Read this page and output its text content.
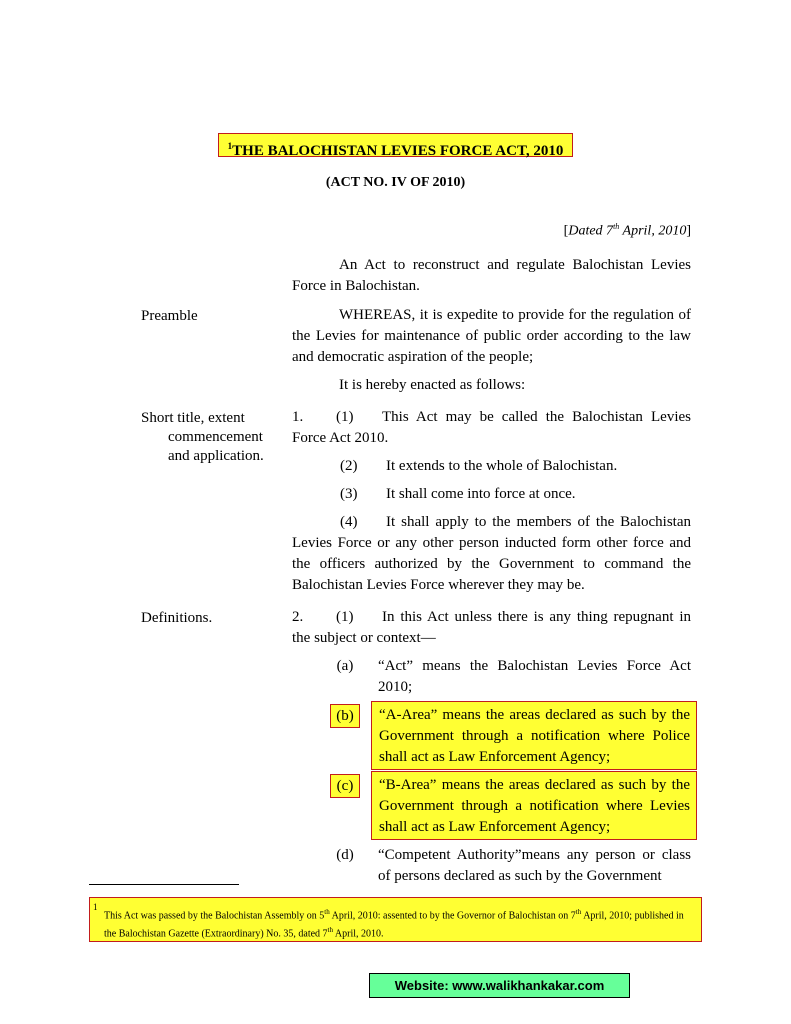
$^1$THE BALOCHISTAN LEVIES FORCE ACT, 2010
(ACT NO. IV OF 2010)
[Dated 7th April, 2010]

An Act to reconstruct and regulate Balochistan Levies Force in Balochistan.

Preamble	WHEREAS, it is expedite to provide for the regulation of the Levies for maintenance of public order according to the law and democratic aspiration of the people;

It is hereby enacted as follows:

Short title, extent
commencement
and application.
1.	(1)	This Act may be called the Balochistan Levies
Force Act 2010.
(2) It extends to the whole of Balochistan.
(3) It shall come into force at once.
(4)	It shall apply to the members of the Balochistan
Levies Force or any other person inducted form other force and the officers authorized by the Government to command the Balochistan Levies Force wherever they may be.
Definitions.	2.	(1)	In this Act unless there is any thing repugnant in
the subject or context—
(a)	“Act” means the Balochistan Levies Force Act 2010;
(b)	“A-Area” means the areas declared as such by the Government through a notification where Police shall act as Law Enforcement Agency;
(c)	“B-Area” means the areas declared as such by the Government through a notification where Levies shall act as Law Enforcement Agency;
(d)	“Competent Authority”means any person or class of persons declared as such by the Government
1
This Act was passed by the Balochistan Assembly on 5th April, 2010: assented to by the Governor of Balochistan on 7th April, 2010; published in the Balochistan Gazette (Extraordinary) No. 35, dated 7th April, 2010.
Website: www.walikhankakar.com
